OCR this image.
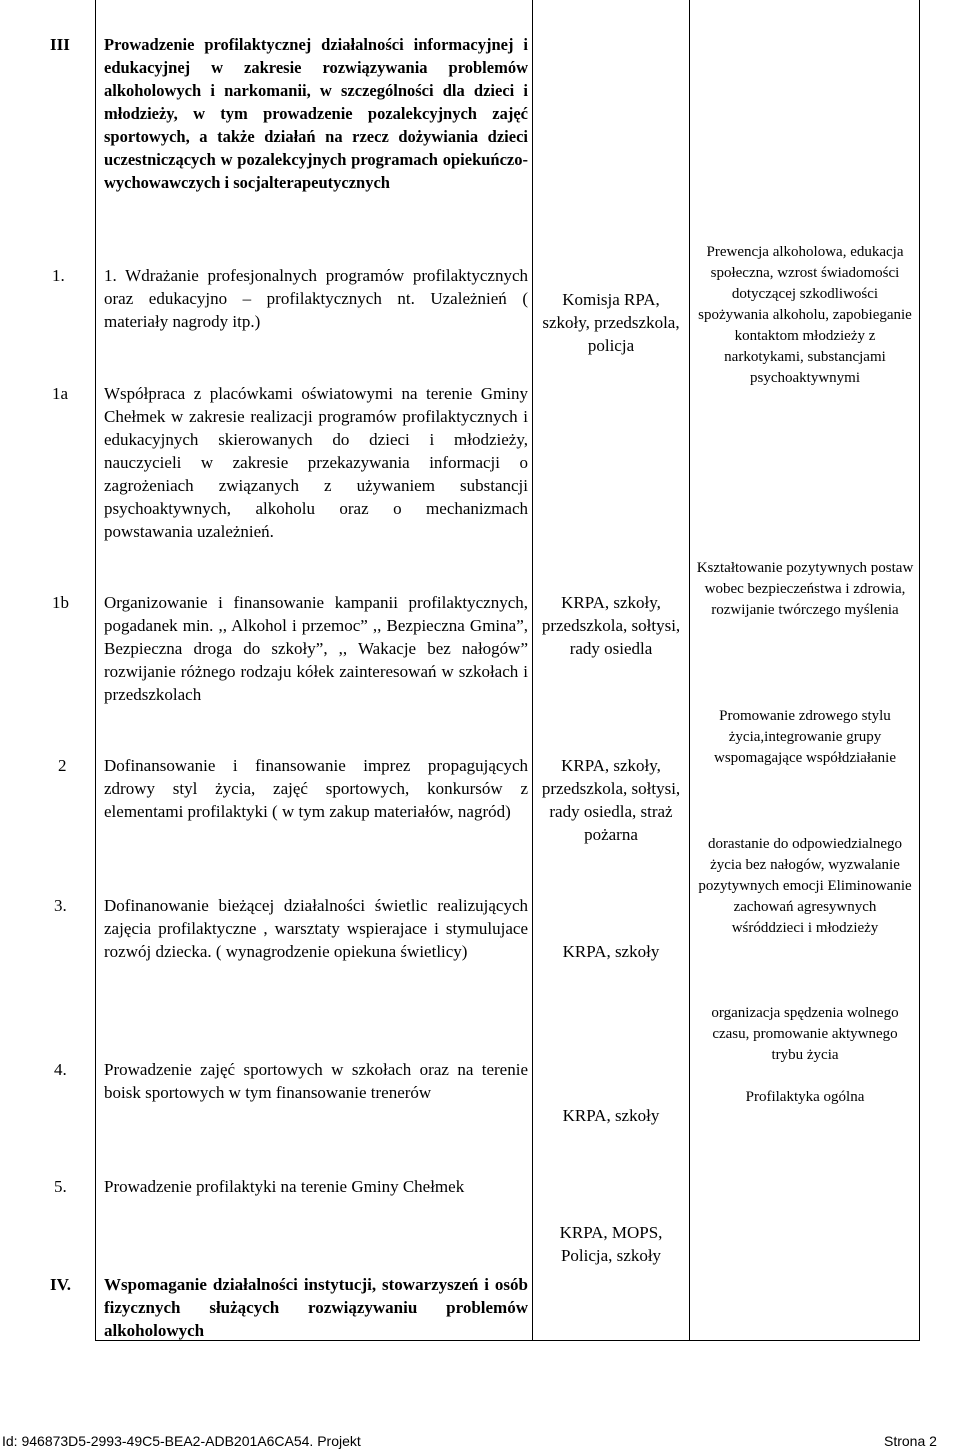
III Prowadzenie profilaktycznej działalności informacyjnej i edukacyjnej w zakresie rozwiązywania problemów alkoholowych i narkomanii, w szczególności dla dzieci i młodzieży, w tym prowadzenie pozalekcyjnych zajęć sportowych, a także działań na rzecz dożywiania dzieci uczestniczących w pozalekcyjnych programach opiekuńczo-wychowawczych i socjalterapeutycznych
1. 1. Wdrażanie profesjonalnych programów profilaktycznych oraz edukacyjno – profilaktycznych nt. Uzależnień ( materiały nagrody itp.)
Komisja RPA, szkoły, przedszkola, policja
Prewencja alkoholowa, edukacja społeczna, wzrost świadomości dotyczącej szkodliwości spożywania alkoholu, zapobieganie kontaktom młodzieży z narkotykami, substancjami psychoaktywnymi
1a Współpraca z placówkami oświatowymi na terenie Gminy Chełmek w zakresie realizacji programów profilaktycznych i edukacyjnych skierowanych do dzieci i młodzieży, nauczycieli w zakresie przekazywania informacji o zagrożeniach związanych z używaniem substancji psychoaktywnych, alkoholu oraz o mechanizmach powstawania uzależnień.
1b Organizowanie i finansowanie kampanii profilaktycznych, pogadanek min. ,, Alkohol i przemoc” ,, Bezpieczna Gmina”, Bezpieczna droga do szkoły”, ,, Wakacje bez nałogów” rozwijanie różnego rodzaju kółek zainteresowań w szkołach i przedszkolach
KRPA, szkoły, przedszkola, sołtysi, rady osiedla
Kształtowanie pozytywnych postaw wobec bezpieczeństwa i zdrowia, rozwijanie twórczego myślenia
2 Dofinansowanie i finansowanie imprez propagujących zdrowy styl życia, zajęć sportowych, konkursów z elementami profilaktyki ( w tym zakup materiałów, nagród)
KRPA, szkoły, przedszkola, sołtysi, rady osiedla, straż pożarna
Promowanie zdrowego stylu życia,integrowanie grupy wspomagające współdziałanie
3. Dofinanowanie bieżącej działalności świetlic realizujących zajęcia profilaktyczne , warsztaty wspierajace i stymulujace rozwój dziecka. ( wynagrodzenie opiekuna świetlicy)	KRPA, szkoły
dorastanie do odpowiedzialnego życia bez nałogów, wyzwalanie pozytywnych emocji Eliminowanie zachowań agresywnych wśróddzieci i młodzieży
4. Prowadzenie zajęć sportowych w szkołach oraz na terenie boisk sportowych w tym finansowanie trenerów
KRPA, szkoły
organizacja spędzenia wolnego czasu, promowanie aktywnego trybu życia
Profilaktyka ogólna
5. Prowadzenie profilaktyki na terenie Gminy Chełmek
KRPA, MOPS, Policja, szkoły
IV. Wspomaganie działalności instytucji, stowarzyszeń i osób fizycznych służących rozwiązywaniu problemów alkoholowych
Id: 946873D5-2993-49C5-BEA2-ADB201A6CA54. Projekt	Strona 2
